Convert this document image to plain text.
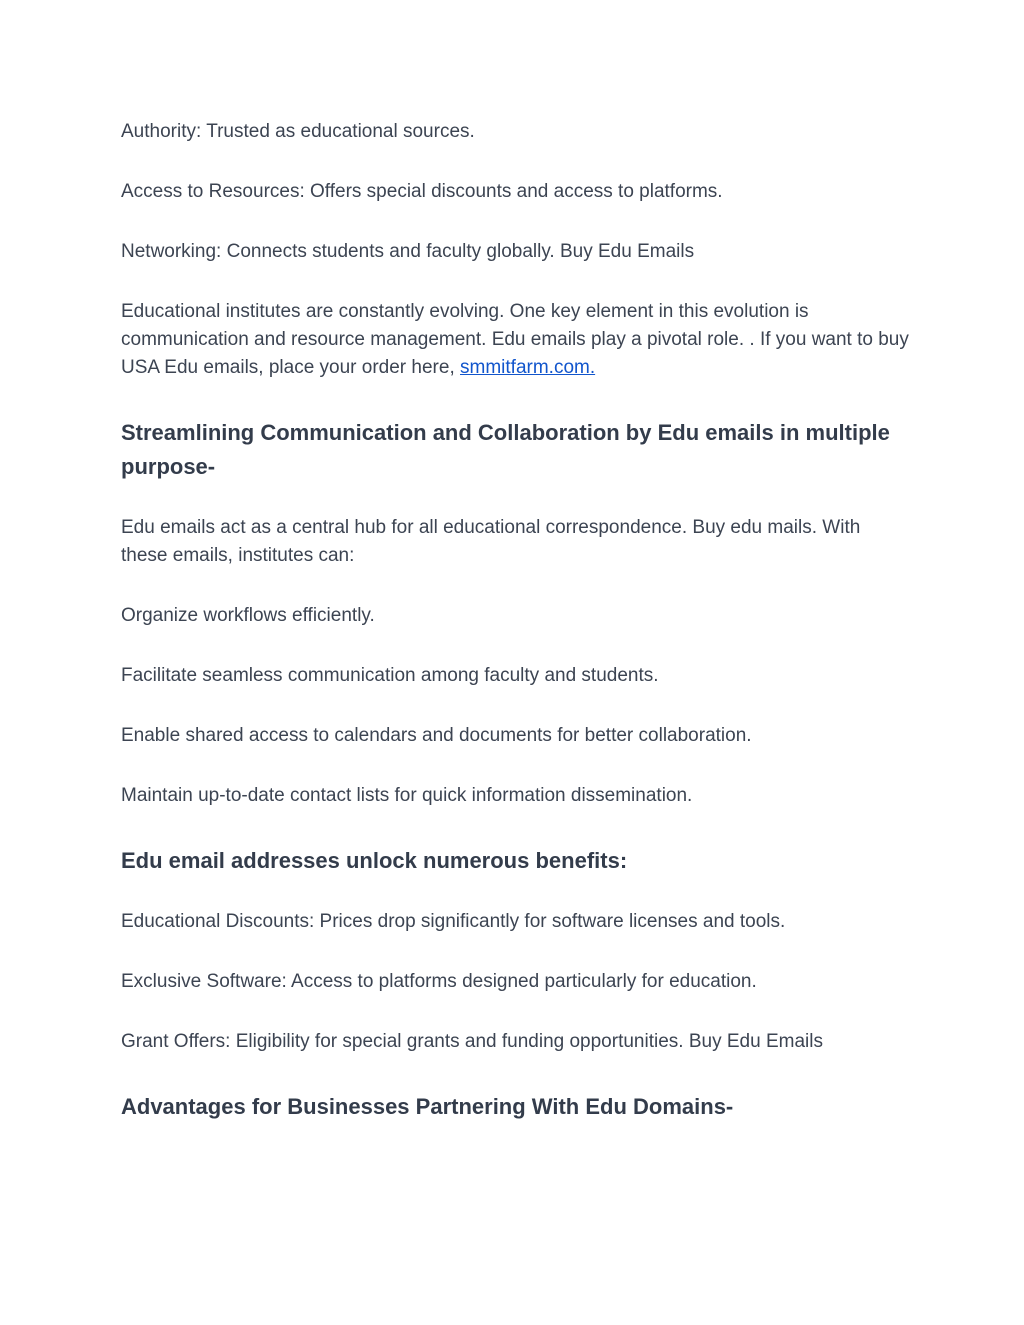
Authority: Trusted as educational sources.

Access to Resources: Offers special discounts and access to platforms.

Networking: Connects students and faculty globally. Buy Edu Emails

Educational institutes are constantly evolving. One key element in this evolution is communication and resource management. Edu emails play a pivotal role. . If you want to buy USA Edu emails, place your order here, smmitfarm.com.

Streamlining Communication and Collaboration by Edu emails in multiple purpose-

Edu emails act as a central hub for all educational correspondence. Buy edu mails. With these emails, institutes can:

Organize workflows efficiently.

Facilitate seamless communication among faculty and students.

Enable shared access to calendars and documents for better collaboration.

Maintain up-to-date contact lists for quick information dissemination.

Edu email addresses unlock numerous benefits:

Educational Discounts: Prices drop significantly for software licenses and tools.

Exclusive Software: Access to platforms designed particularly for education.

Grant Offers: Eligibility for special grants and funding opportunities. Buy Edu Emails

Advantages for Businesses Partnering With Edu Domains-
